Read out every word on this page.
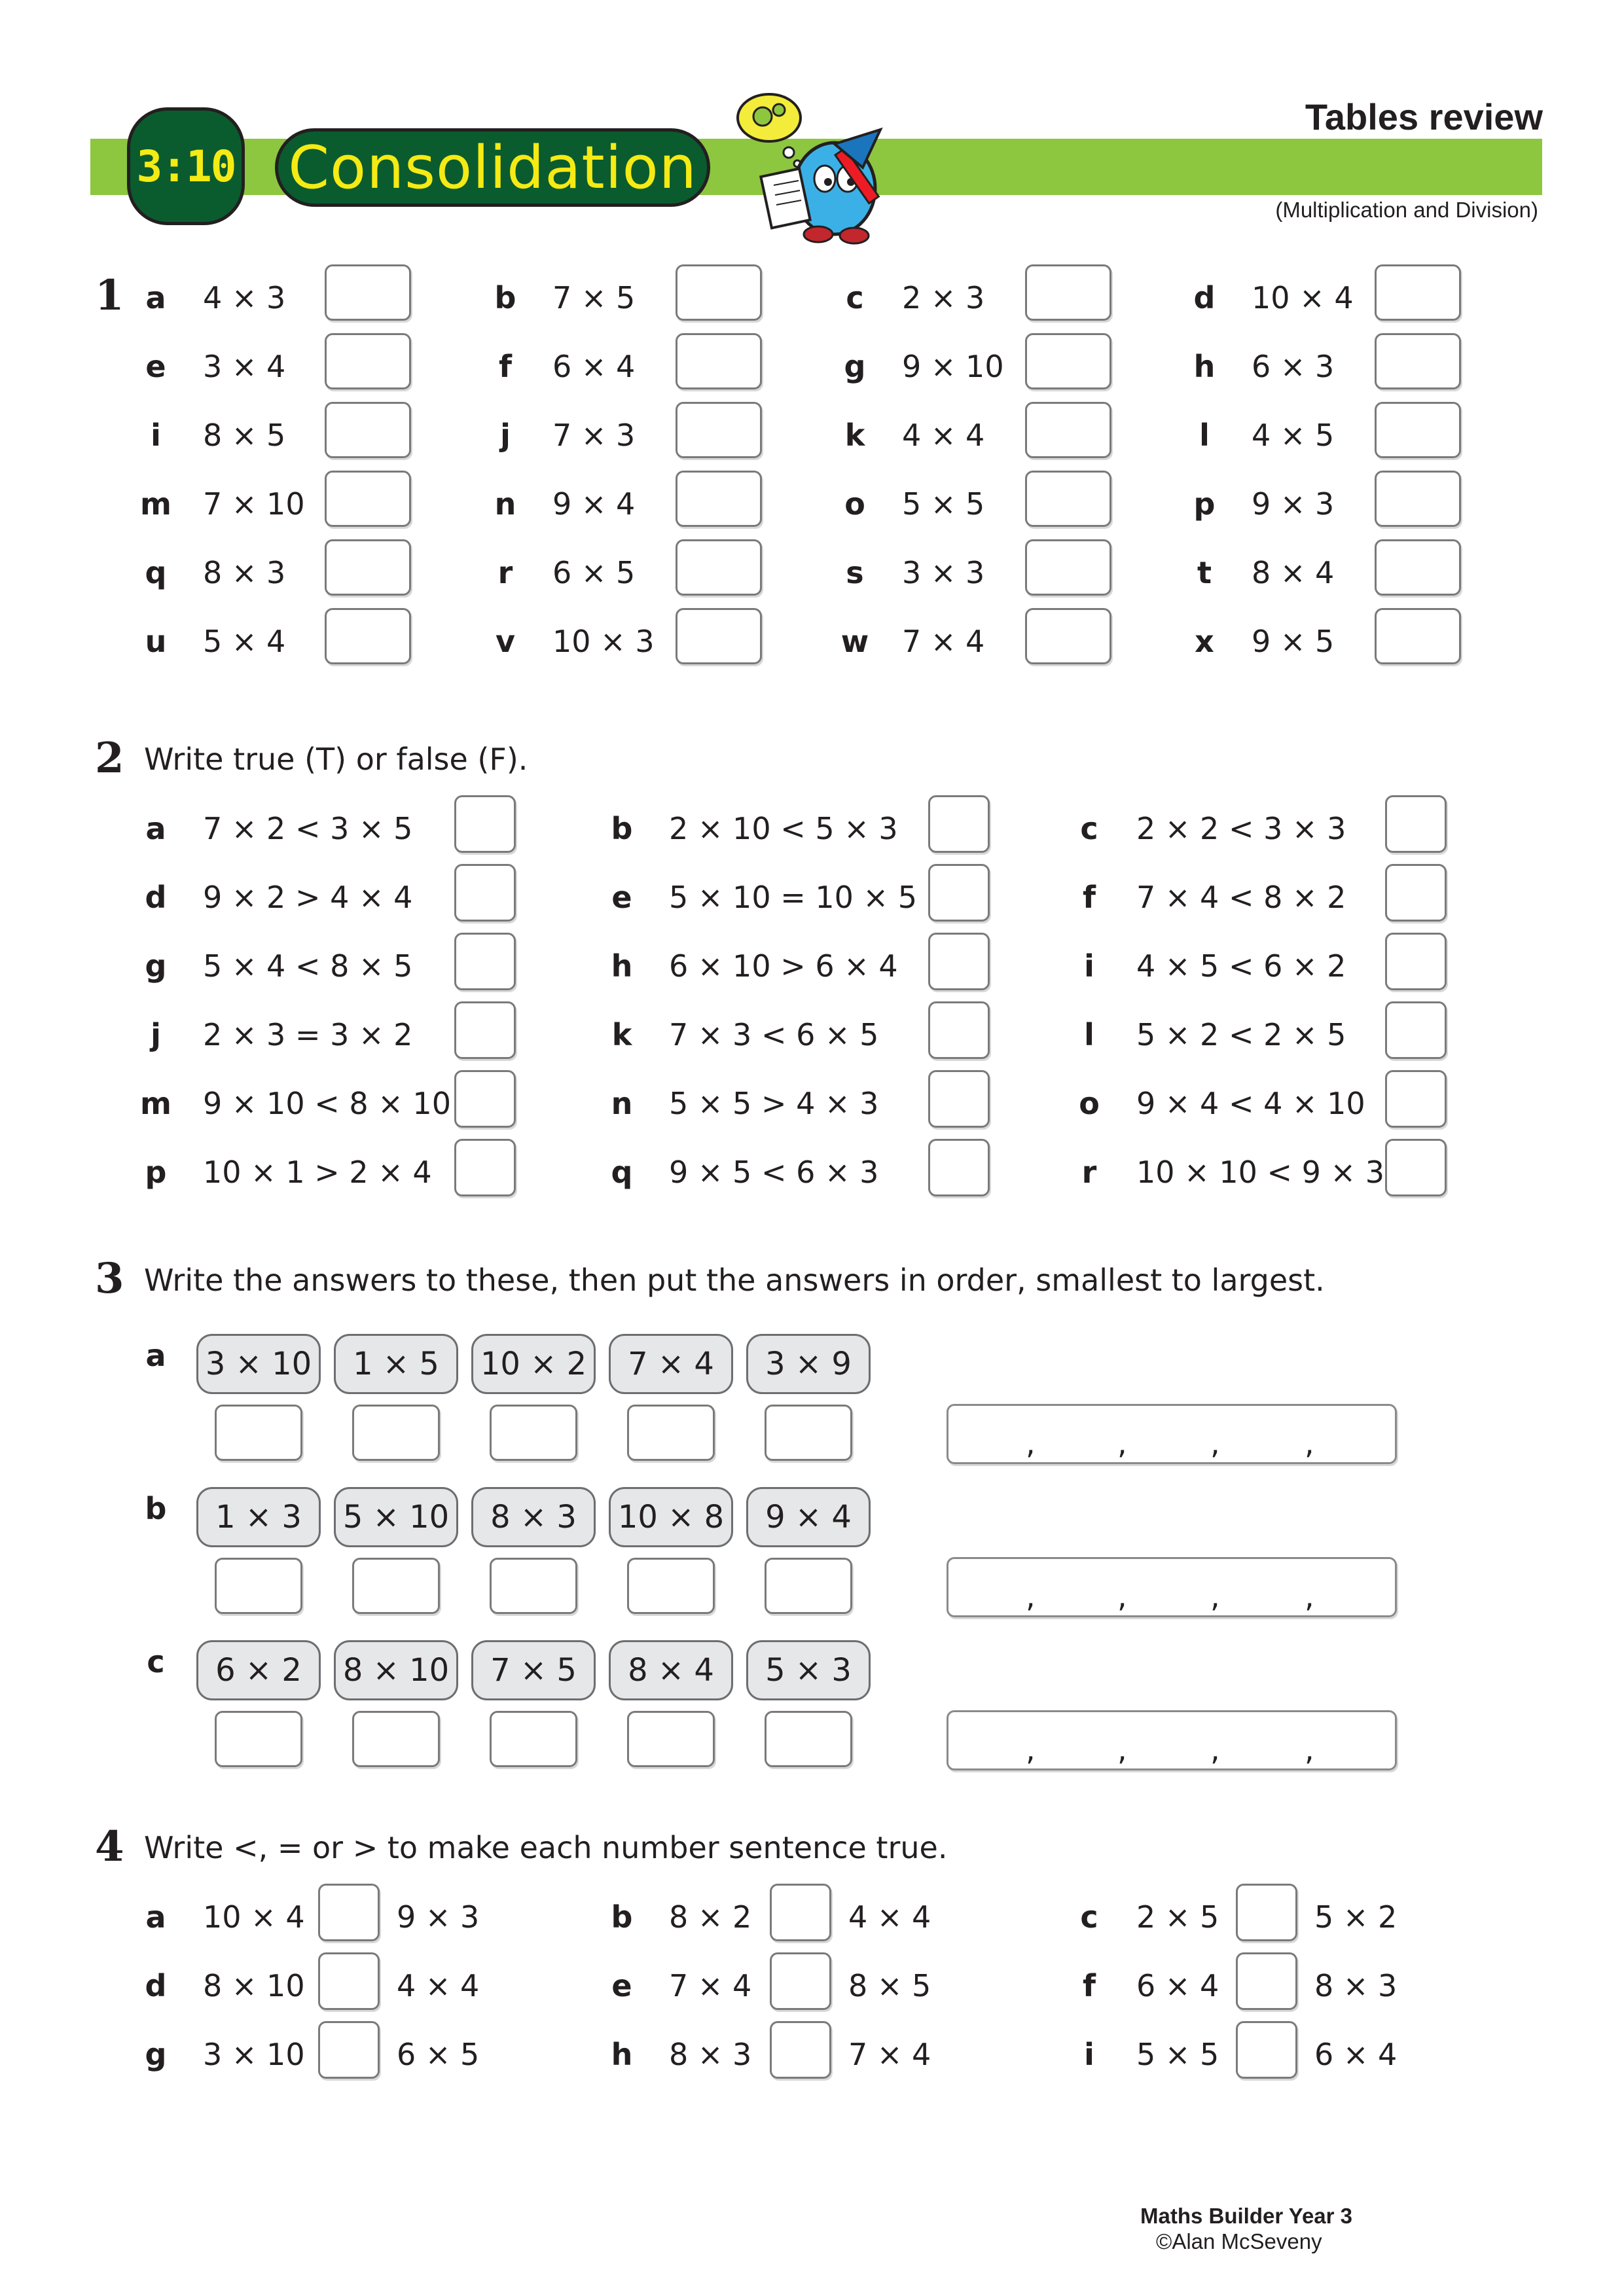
3:10 Consolidation
Tables review
(Multiplication and Division)
1 a	4 × 3	b 7 × 5	c	2 × 3	d 10 × 4
e	3 × 4	f	6 × 4	g 9 × 10	h 6 × 3
i	8 × 5	j	7 × 3	k	4 × 4	l	4 × 5
m 7 × 10	n 9 × 4	o	5 × 5	p 9 × 3
q 8 × 3	r	6 × 5	s	3 × 3	t	8 × 4
u 5 × 4	v	10 × 3	w 7 × 4	x	9 × 5
2 Write true (T) or false (F).
a	7 × 2 < 3 × 5	b 2 × 10 < 5 × 3	c	2 × 2 < 3 × 3
d 9 × 2 > 4 × 4	e	5 × 10 = 10 × 5	f	7 × 4 < 8 × 2
g 5 × 4 < 8 × 5	h 6 × 10 > 6 × 4	i	4 × 5 < 6 × 2
j	2 × 3 = 3 × 2	k	7 × 3 < 6 × 5	l	5 × 2 < 2 × 5
m 9 × 10 < 8 × 10	n 5 × 5 > 4 × 3	o	9 × 4 < 4 × 10
p 10 × 1 > 2 × 4	q 9 × 5 < 6 × 3	r	10 × 10 < 9 × 3
3 Write the answers to these, then put the answers in order, smallest to largest.
a	3 × 10	1 × 5	10 × 2	7 × 4	3 × 9
,	,	,	,
b	1 × 3	5 × 10	8 × 3	10 × 8	9 × 4
,	,	,	,
c	6 × 2	8 × 10	7 × 5	8 × 4	5 × 3
,	,	,	,
4 Write <, = or > to make each number sentence true.
a	10 × 4	9 × 3	b 8 × 2	4 × 4	c	2 × 5	5 × 2
d 8 × 10	4 × 4	e	7 × 4	8 × 5	f	6 × 4	8 × 3
g 3 × 10	6 × 5	h 8 × 3	7 × 4	i	5 × 5	6 × 4
Maths Builder Year 3
©Alan McSeveny
